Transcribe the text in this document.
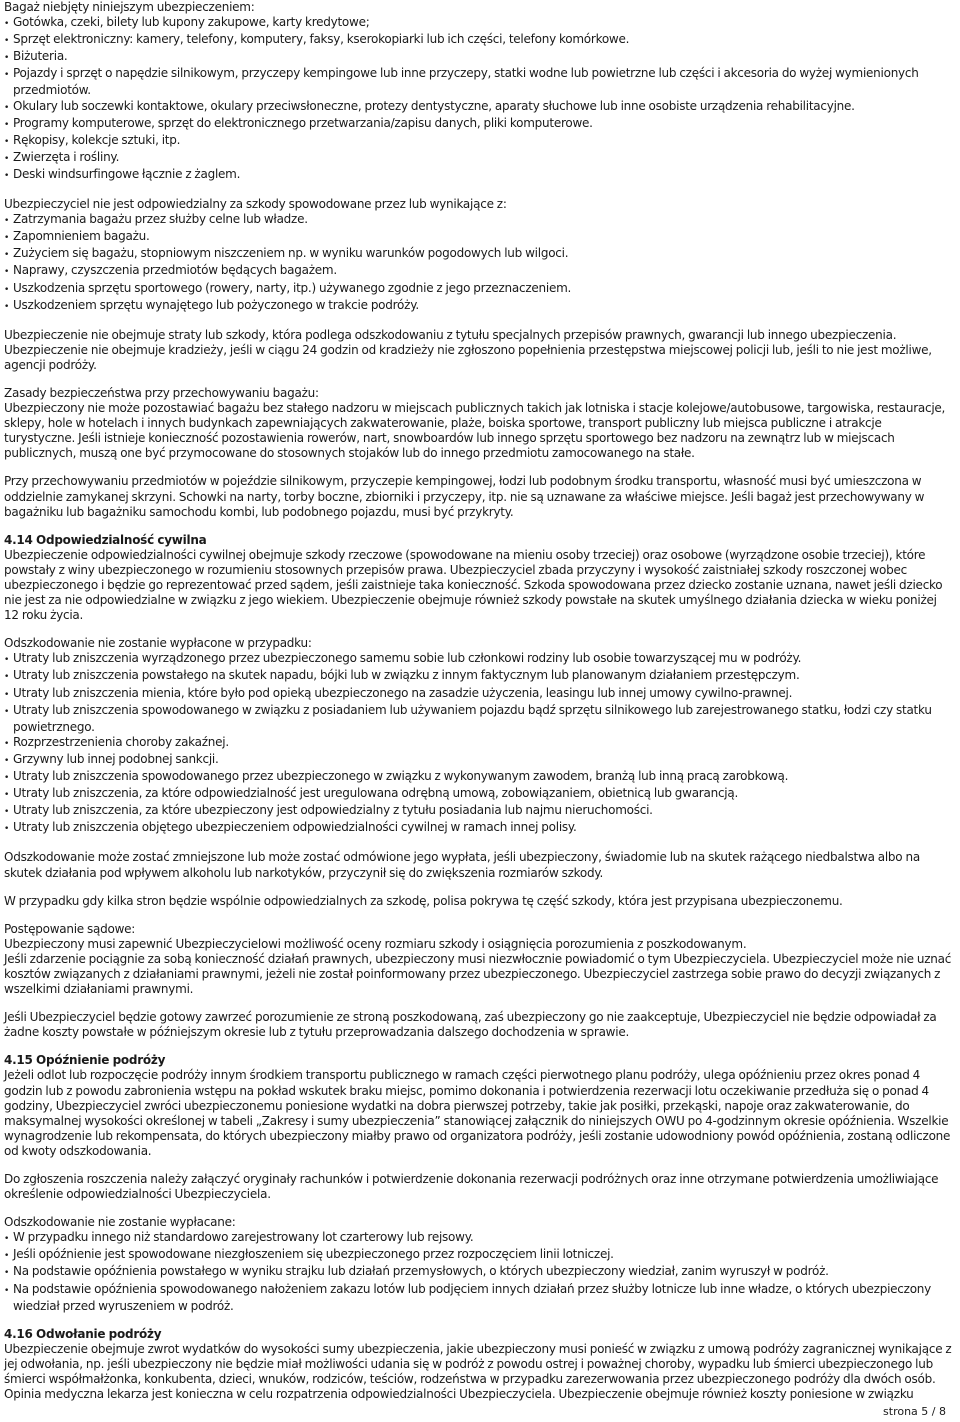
Bagaż niebjęty niniejszym ubezpieczeniem:

• Gotówka, czeki, bilety lub kupony zakupowe, karty kredytowe;

• Sprzęt elektroniczny: kamery, telefony, komputery, faksy, kserokopiarki lub ich części, telefony komórkowe.

• Biżuteria.

• Pojazdy i sprzęt o napędzie silnikowym, przyczepy kempingowe lub inne przyczepy, statki wodne lub powietrzne lub części i akcesoria do wyżej wymienionych przedmiotów.

• Okulary lub soczewki kontaktowe, okulary przeciwsłoneczne, protezy dentystyczne, aparaty słuchowe lub inne osobiste urządzenia rehabilitacyjne.

• Programy komputerowe, sprzęt do elektronicznego przetwarzania/zapisu danych, pliki komputerowe.

• Rękopisy, kolekcje sztuki, itp.

• Zwierzęta i rośliny.

• Deski windsurfingowe łącznie z żaglem.

Ubezpieczyciel nie jest odpowiedzialny za szkody spowodowane przez lub wynikające z:

• Zatrzymania bagażu przez służby celne lub władze.

• Zapomnieniem bagażu.

• Zużyciem się bagażu, stopniowym niszczeniem np. w wyniku warunków pogodowych lub wilgoci.

• Naprawy, czyszczenia przedmiotów będących bagażem.

• Uszkodzenia sprzętu sportowego (rowery, narty, itp.) używanego zgodnie z jego przeznaczeniem.

• Uszkodzeniem sprzętu wynajętego lub pożyczonego w trakcie podróży.

Ubezpieczenie nie obejmuje straty lub szkody, która podlega odszkodowaniu z tytułu specjalnych przepisów prawnych, gwarancji lub innego ubezpieczenia.

Ubezpieczenie nie obejmuje kradzieży, jeśli w ciągu 24 godzin od kradzieży nie zgłoszono popełnienia przestępstwa miejscowej policji lub, jeśli to nie jest możliwe, agencji podróży.

Zasady bezpieczeństwa przy przechowywaniu bagażu:

Ubezpieczony nie może pozostawiać bagażu bez stałego nadzoru w miejscach publicznych takich jak lotniska i stacje kolejowe/autobusowe, targowiska, restauracje, sklepy, hole w hotelach i innych budynkach zapewniających zakwaterowanie, plaże, boiska sportowe, transport publiczny lub miejsca publiczne i atrakcje turystyczne. Jeśli istnieje konieczność pozostawienia rowerów, nart, snowboardów lub innego sprzętu sportowego bez nadzoru na zewnątrz lub w miejscach publicznych, muszą one być przymocowane do stosownych stojaków lub do innego przedmiotu zamocowanego na stałe.

Przy przechowywaniu przedmiotów w pojeździe silnikowym, przyczepie kempingowej, łodzi lub podobnym środku transportu, własność musi być umieszczona w oddzielnie zamykanej skrzyni. Schowki na narty, torby boczne, zbiorniki i przyczepy, itp. nie są uznawane za właściwe miejsce. Jeśli bagaż jest przechowywany w bagażniku lub bagażniku samochodu kombi, lub podobnego pojazdu, musi być przykryty.

4.14 Odpowiedzialność cywilna

Ubezpieczenie odpowiedzialności cywilnej obejmuje szkody rzeczowe (spowodowane na mieniu osoby trzeciej) oraz osobowe (wyrządzone osobie trzeciej), które powstały z winy ubezpieczonego w rozumieniu stosownych przepisów prawa. Ubezpieczyciel zbada przyczyny i wysokość zaistniałej szkody roszczonej wobec ubezpieczonego i będzie go reprezentować przed sądem, jeśli zaistnieje taka konieczność. Szkoda spowodowana przez dziecko zostanie uznana, nawet jeśli dziecko nie jest za nie odpowiedzialne w związku z jego wiekiem. Ubezpieczenie obejmuje również szkody powstałe na skutek umyślnego działania dziecka w wieku poniżej 12 roku życia.

Odszkodowanie nie zostanie wypłacone w przypadku:

• Utraty lub zniszczenia wyrządzonego przez ubezpieczonego samemu sobie lub członkowi rodziny lub osobie towarzyszącej mu w podróży.

• Utraty lub zniszczenia powstałego na skutek napadu, bójki lub w związku z innym faktycznym lub planowanym działaniem przestępczym.

• Utraty lub zniszczenia mienia, które było pod opieką ubezpieczonego na zasadzie użyczenia, leasingu lub innej umowy cywilno-prawnej.

• Utraty lub zniszczenia spowodowanego w związku z posiadaniem lub używaniem pojazdu bądź sprzętu silnikowego lub zarejestrowanego statku, łodzi czy statku powietrznego.

• Rozprzestrzenienia choroby zakaźnej.

• Grzywny lub innej podobnej sankcji.

• Utraty lub zniszczenia spowodowanego przez ubezpieczonego w związku z wykonywanym zawodem, branżą lub inną pracą zarobkową.

• Utraty lub zniszczenia, za które odpowiedzialność jest uregulowana odrębną umową, zobowiązaniem, obietnicą lub gwarancją.

• Utraty lub zniszczenia, za które ubezpieczony jest odpowiedzialny z tytułu posiadania lub najmu nieruchomości.

• Utraty lub zniszczenia objętego ubezpieczeniem odpowiedzialności cywilnej w ramach innej polisy.

Odszkodowanie może zostać zmniejszone lub może zostać odmówione jego wypłata, jeśli ubezpieczony, świadomie lub na skutek rażącego niedbalstwa albo na skutek działania pod wpływem alkoholu lub narkotyków, przyczynił się do zwiększenia rozmiarów szkody.

W przypadku gdy kilka stron będzie wspólnie odpowiedzialnych za szkodę, polisa pokrywa tę część szkody, która jest przypisana ubezpieczonemu.

Postępowanie sądowe:

Ubezpieczony musi zapewnić Ubezpieczycielowi możliwość oceny rozmiaru szkody i osiągnięcia porozumienia z poszkodowanym.

Jeśli zdarzenie pociągnie za sobą konieczność działań prawnych, ubezpieczony musi niezwłocznie powiadomić o tym Ubezpieczyciela. Ubezpieczyciel może nie uznać kosztów związanych z działaniami prawnymi, jeżeli nie został poinformowany przez ubezpieczonego. Ubezpieczyciel zastrzega sobie prawo do decyzji związanych z wszelkimi działaniami prawnymi.

Jeśli Ubezpieczyciel będzie gotowy zawrzeć porozumienie ze stroną poszkodowaną, zaś ubezpieczony go nie zaakceptuje, Ubezpieczyciel nie będzie odpowiadał za żadne koszty powstałe w późniejszym okresie lub z tytułu przeprowadzania dalszego dochodzenia w sprawie.

4.15 Opóźnienie podróży

Jeżeli odlot lub rozpoczęcie podróży innym środkiem transportu publicznego w ramach części pierwotnego planu podróży, ulega opóźnieniu przez okres ponad 4 godzin lub z powodu zabronienia wstępu na pokład wskutek braku miejsc, pomimo dokonania i potwierdzenia rezerwacji lotu oczekiwanie przedłuża się o ponad 4 godziny, Ubezpieczyciel zwróci ubezpieczonemu poniesione wydatki na dobra pierwszej potrzeby, takie jak posiłki, przekąski, napoje oraz zakwaterowanie, do maksymalnej wysokości określonej w tabeli „Zakresy i sumy ubezpieczenia” stanowiącej załącznik do niniejszych OWU po 4-godzinnym okresie opóźnienia. Wszelkie wynagrodzenie lub rekompensata, do których ubezpieczony miałby prawo od organizatora podróży, jeśli zostanie udowodniony powód opóźnienia, zostaną odliczone od kwoty odszkodowania.

Do zgłoszenia roszczenia należy załączyć oryginały rachunków i potwierdzenie dokonania rezerwacji podróżnych oraz inne otrzymane potwierdzenia umożliwiające określenie odpowiedzialności Ubezpieczyciela.

Odszkodowanie nie zostanie wypłacane:

• W przypadku innego niż standardowo zarejestrowany lot czarterowy lub rejsowy.

• Jeśli opóźnienie jest spowodowane niezgłoszeniem się ubezpieczonego przez rozpoczęciem linii lotniczej.

• Na podstawie opóźnienia powstałego w wyniku strajku lub działań przemysłowych, o których ubezpieczony wiedział, zanim wyruszył w podróż.

• Na podstawie opóźnienia spowodowanego nałożeniem zakazu lotów lub podjęciem innych działań przez służby lotnicze lub inne władze, o których ubezpieczony wiedział przed wyruszeniem w podróż.

4.16 Odwołanie podróży

Ubezpieczenie obejmuje zwrot wydatków do wysokości sumy ubezpieczenia, jakie ubezpieczony musi ponieść w związku z umową podróży zagranicznej wynikające z jej odwołania, np. jeśli ubezpieczony nie będzie miał możliwości udania się w podróż z powodu ostrej i poważnej choroby, wypadku lub śmierci ubezpieczonego lub śmierci współmałżonka, konkubenta, dzieci, wnuków, rodziców, teściów, rodzeństwa w przypadku zarezerwowania przez ubezpieczonego podróży dla dwóch osób. Opinia medyczna lekarza jest konieczna w celu rozpatrzenia odpowiedzialności Ubezpieczyciela. Ubezpieczenie obejmuje również koszty poniesione w związku

strona 5 / 8
